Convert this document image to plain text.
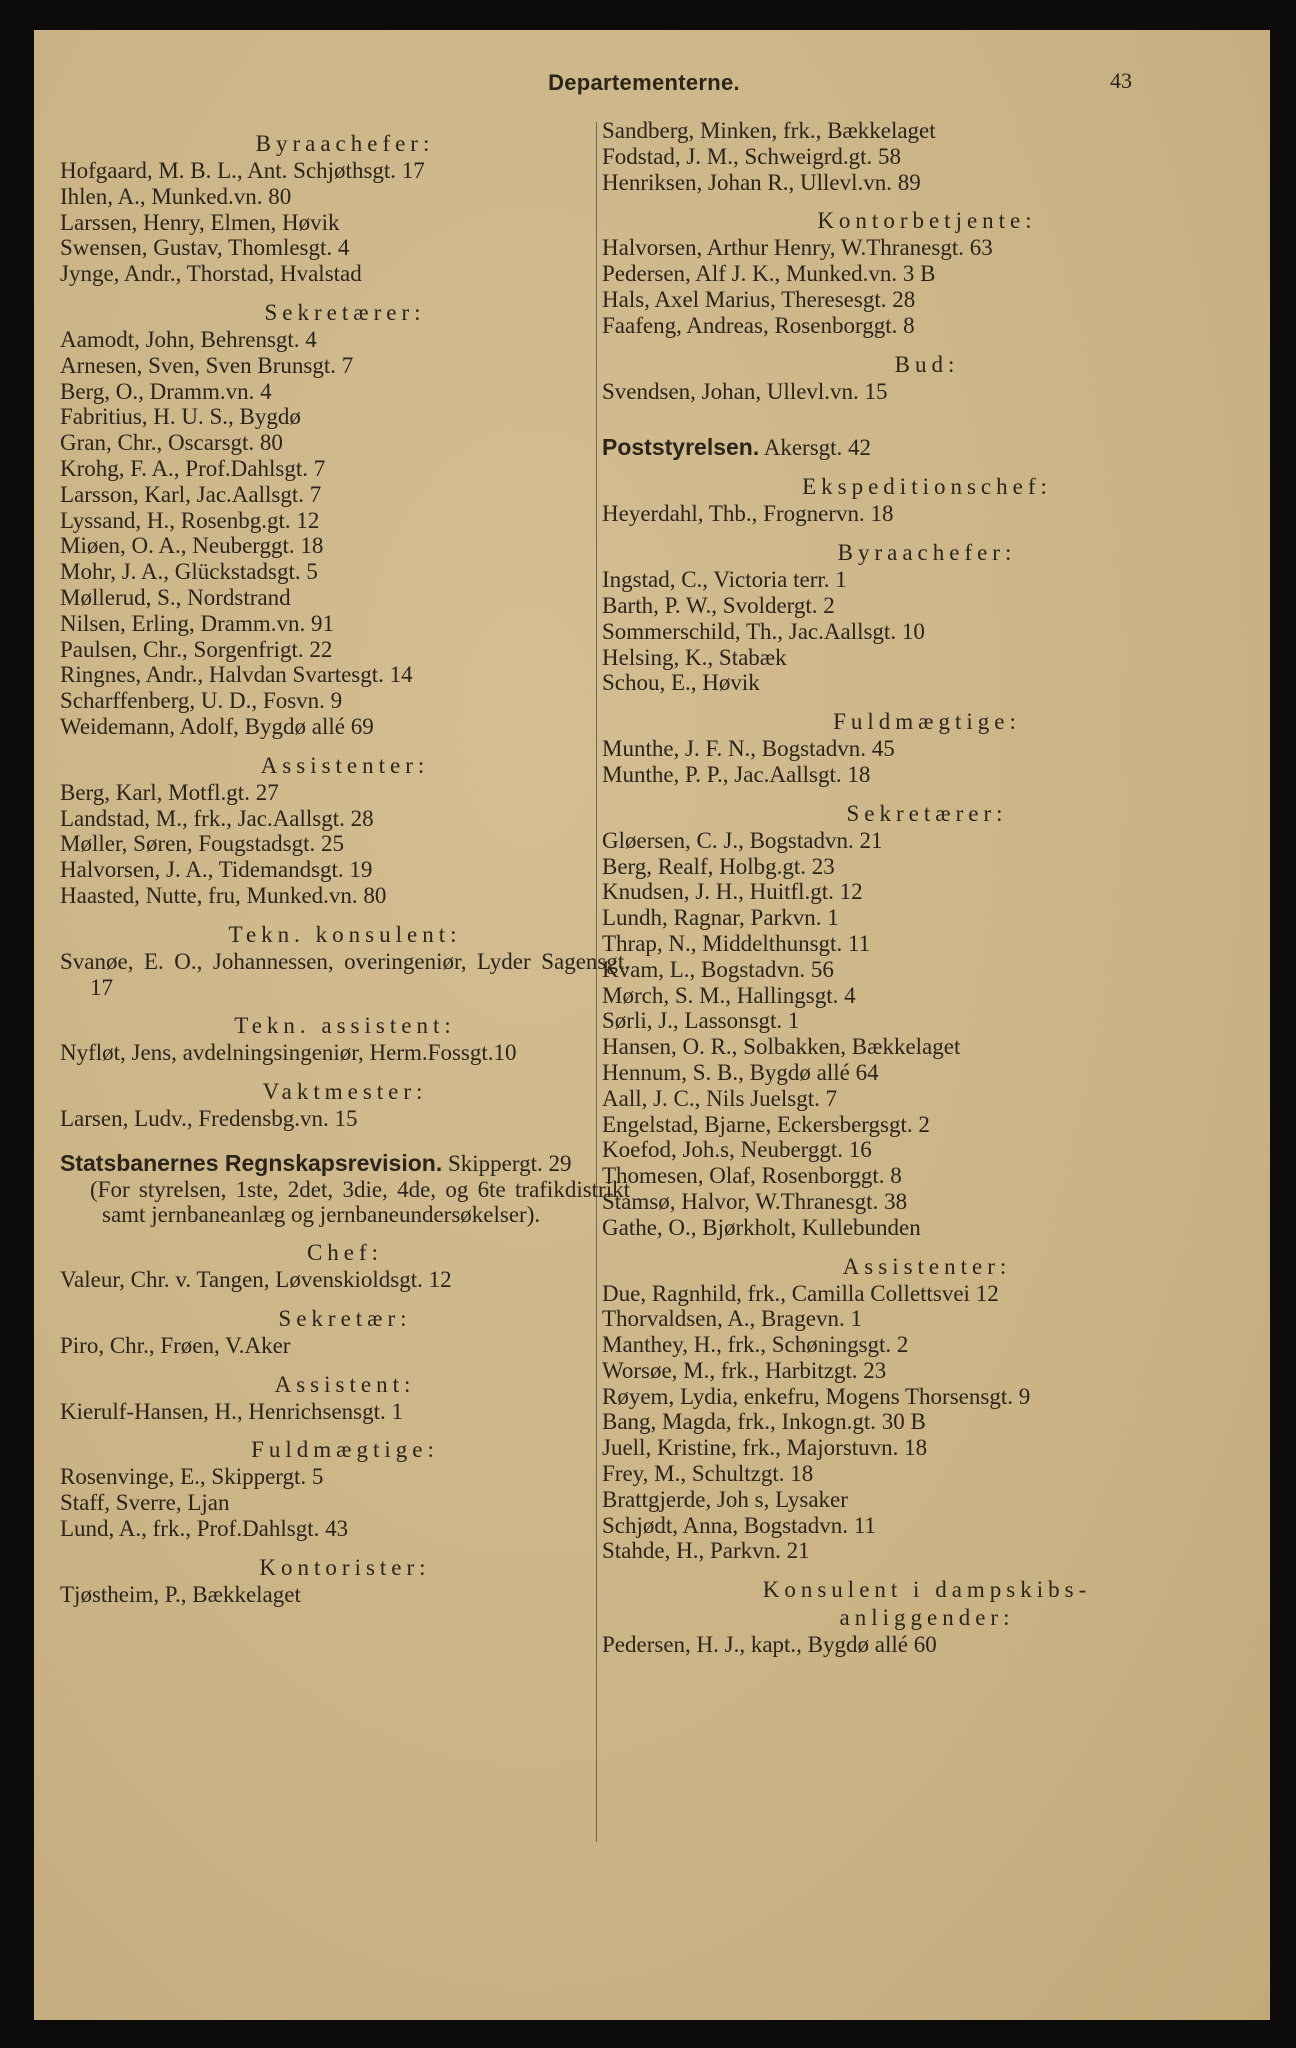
Departementerne.	43
Byraachefer:
Hofgaard, M. B. L., Ant. Schjøthsgt. 17
Ihlen, A., Munked.vn. 80
Larssen, Henry, Elmen, Høvik
Swensen, Gustav, Thomlesgt. 4
Jynge, Andr., Thorstad, Hvalstad
Sekretærer:
Aamodt, John, Behrensgt. 4
Arnesen, Sven, Sven Brunsgt. 7
Berg, O., Dramm.vn. 4
Fabritius, H. U. S., Bygdø
Gran, Chr., Oscarsgt. 80
Krohg, F. A., Prof.Dahlsgt. 7
Larsson, Karl, Jac.Aallsgt. 7
Lyssand, H., Rosenbg.gt. 12
Miøen, O. A., Neuberggt. 18
Mohr, J. A., Glückstadsgt. 5
Møllerud, S., Nordstrand
Nilsen, Erling, Dramm.vn. 91
Paulsen, Chr., Sorgenfrigt. 22
Ringnes, Andr., Halvdan Svartesgt. 14
Scharffenberg, U. D., Fosvn. 9
Weidemann, Adolf, Bygdø allé 69
Assistenter:
Berg, Karl, Motfl.gt. 27
Landstad, M., frk., Jac.Aallsgt. 28
Møller, Søren, Fougstadsgt. 25
Halvorsen, J. A., Tidemandsgt. 19
Haasted, Nutte, fru, Munked.vn. 80
Tekn. konsulent:
Svanøe, E. O., Johannessen, overingeniør, Lyder Sagensgt. 17
Tekn. assistent:
Nyfløt, Jens, avdelningsingeniør, Herm.Fossgt.10
Vaktmester:
Larsen, Ludv., Fredensbg.vn. 15
Statsbanernes Regnskapsrevision. Skippergt. 29
(For styrelsen, 1ste, 2det, 3die, 4de, og 6te trafikdistrikt samt jernbaneanlæg og jernbaneundersøkelser).
Chef:
Valeur, Chr. v. Tangen, Løvenskioldsgt. 12
Sekretær:
Piro, Chr., Frøen, V.Aker
Assistent:
Kierulf-Hansen, H., Henrichsensgt. 1
Fuldmægtige:
Rosenvinge, E., Skippergt. 5
Staff, Sverre, Ljan
Lund, A., frk., Prof.Dahlsgt. 43
Kontorister:
Tjøstheim, P., Bækkelaget
Sandberg, Minken, frk., Bækkelaget
Fodstad, J. M., Schweigrd.gt. 58
Henriksen, Johan R., Ullevl.vn. 89
Kontorbetjente:
Halvorsen, Arthur Henry, W.Thranesgt. 63
Pedersen, Alf J. K., Munked.vn. 3 B
Hals, Axel Marius, Theresesgt. 28
Faafeng, Andreas, Rosenborggt. 8
Bud:
Svendsen, Johan, Ullevl.vn. 15
Poststyrelsen. Akersgt. 42
Ekspeditionschef:
Heyerdahl, Thb., Frognervn. 18
Byraachefer:
Ingstad, C., Victoria terr. 1
Barth, P. W., Svoldergt. 2
Sommerschild, Th., Jac.Aallsgt. 10
Helsing, K., Stabæk
Schou, E., Høvik
Fuldmægtige:
Munthe, J. F. N., Bogstadvn. 45
Munthe, P. P., Jac.Aallsgt. 18
Sekretærer:
Gløersen, C. J., Bogstadvn. 21
Berg, Realf, Holbg.gt. 23
Knudsen, J. H., Huitfl.gt. 12
Lundh, Ragnar, Parkvn. 1
Thrap, N., Middelthunsgt. 11
Kvam, L., Bogstadvn. 56
Mørch, S. M., Hallingsgt. 4
Sørli, J., Lassonsgt. 1
Hansen, O. R., Solbakken, Bækkelaget
Hennum, S. B., Bygdø allé 64
Aall, J. C., Nils Juelsgt. 7
Engelstad, Bjarne, Eckersbergsgt. 2
Koefod, Joh.s, Neuberggt. 16
Thomesen, Olaf, Rosenborggt. 8
Stamsø, Halvor, W.Thranesgt. 38
Gathe, O., Bjørkholt, Kullebunden
Assistenter:
Due, Ragnhild, frk., Camilla Collettsvei 12
Thorvaldsen, A., Bragevn. 1
Manthey, H., frk., Schøningsgt. 2
Worsøe, M., frk., Harbitzgt. 23
Røyem, Lydia, enkefru, Mogens Thorsensgt. 9
Bang, Magda, frk., Inkogn.gt. 30 B
Juell, Kristine, frk., Majorstuvn. 18
Frey, M., Schultzgt. 18
Brattgjerde, Joh s, Lysaker
Schjødt, Anna, Bogstadvn. 11
Stahde, H., Parkvn. 21
Konsulent i dampskibs-
anliggender:
Pedersen, H. J., kapt., Bygdø allé 60
